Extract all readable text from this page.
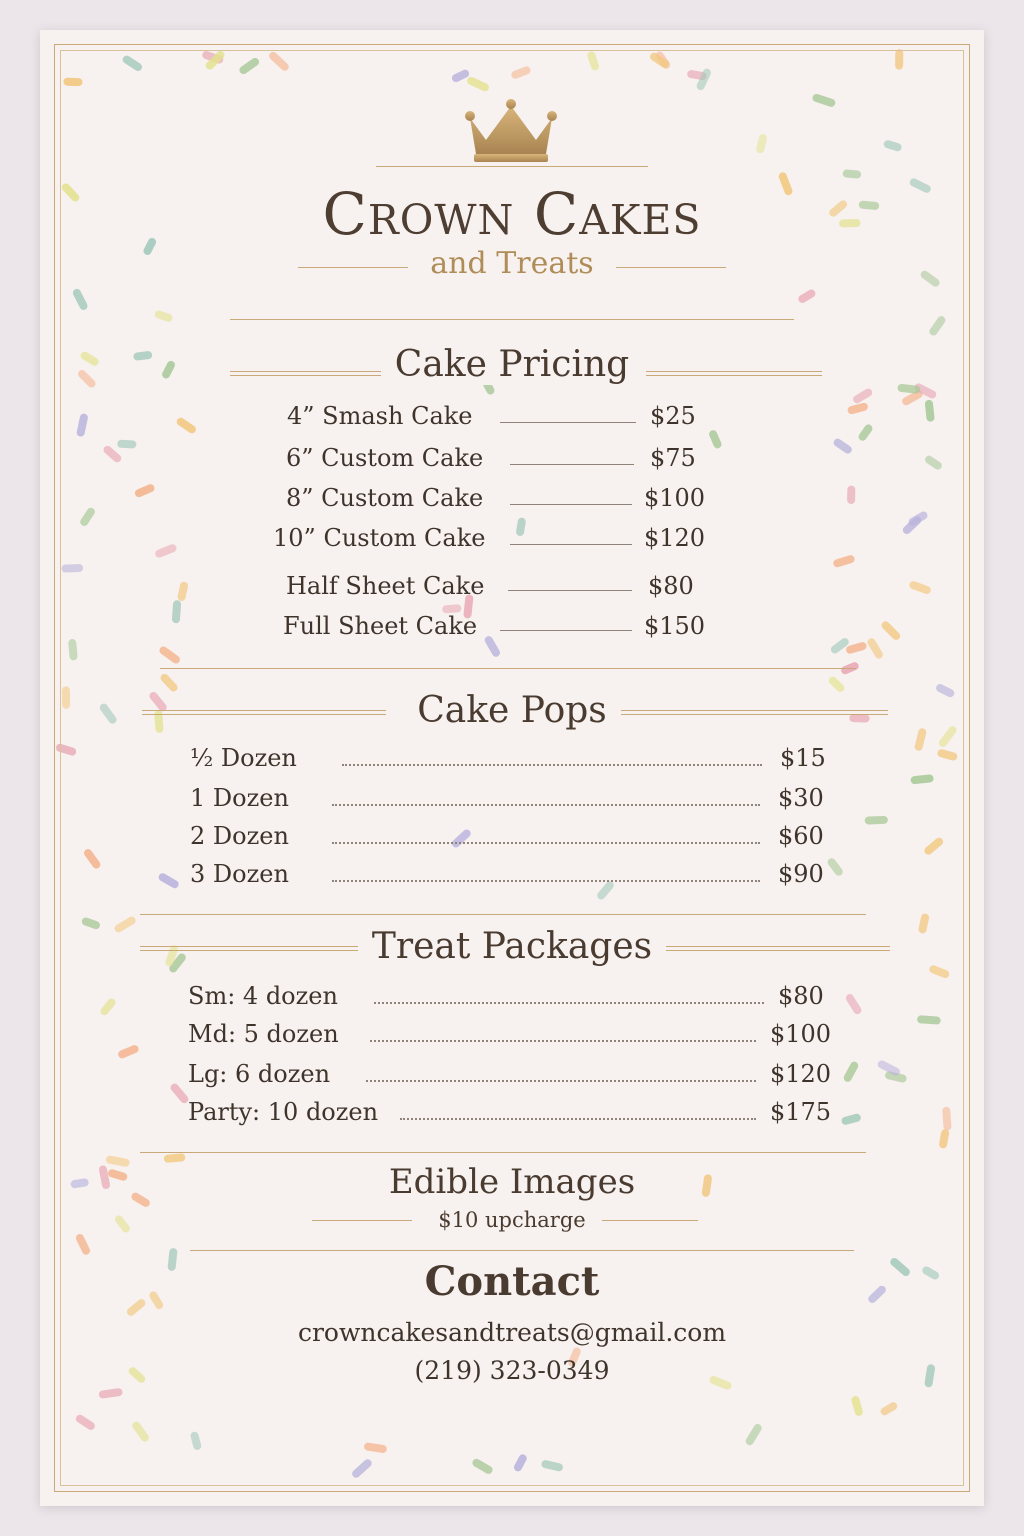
Crown Cakes
and Treats
Cake Pricing
4” Smash Cake	$25
6” Custom Cake	$75
8” Custom Cake	$100
10” Custom Cake	$120
Half Sheet Cake	$80
Full Sheet Cake	$150
Cake Pops
½ Dozen	$15
1 Dozen	$30
2 Dozen	$60
3 Dozen	$90
Treat Packages
Sm: 4 dozen	$80
Md: 5 dozen	$100
Lg: 6 dozen	$120
Party: 10 dozen	$175
Edible Images
$10 upcharge
Contact
crowncakesandtreats@gmail.com
(219) 323-0349
